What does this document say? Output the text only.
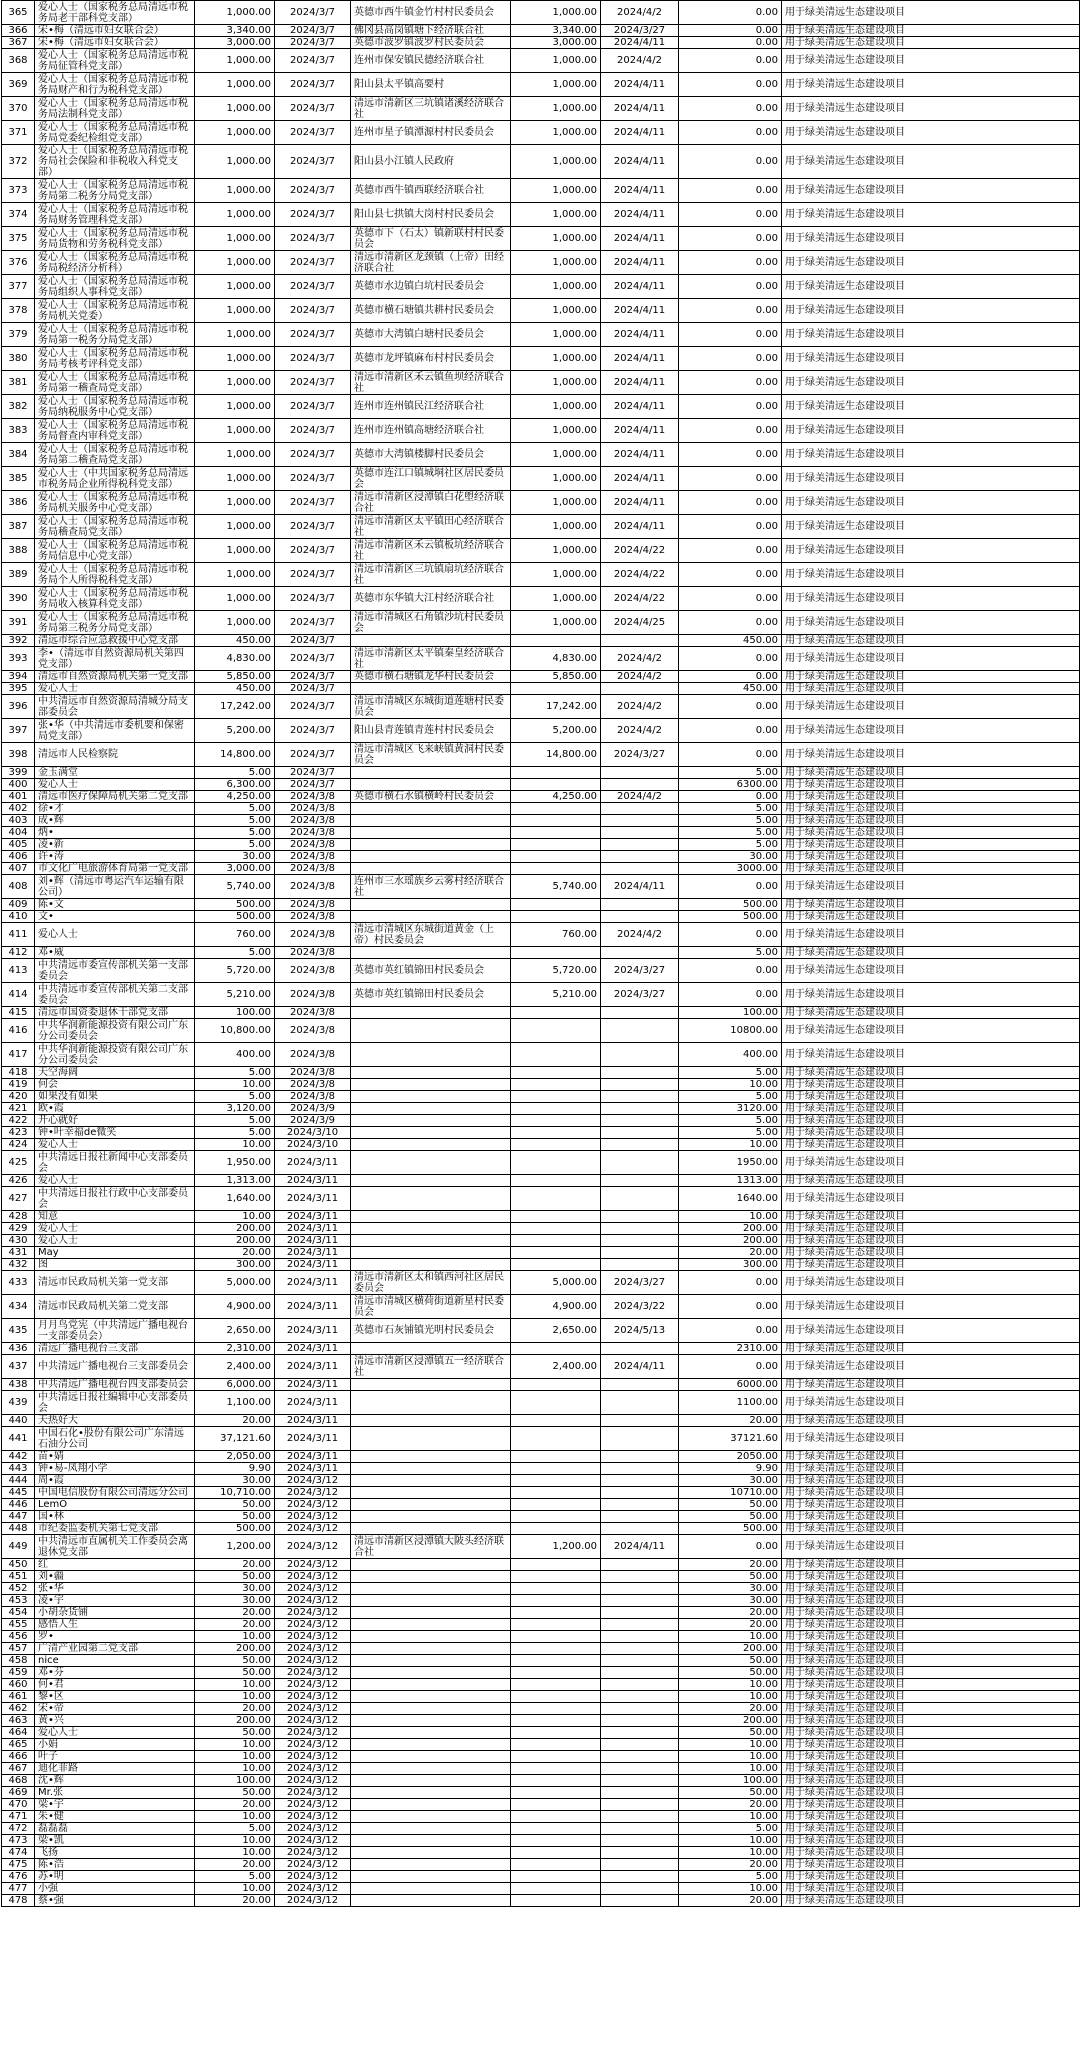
365	爱心人士（国家税务总局清远市税务局老干部科党支部）	1,000.00	2024/3/7	英德市西牛镇金竹村村民委员会	1,000.00	2024/4/2	0.00	用于绿美清远生态建设项目
366	宋•梅（清远市妇女联合会）	3,340.00	2024/3/7	佛冈县高岗镇塘下经济联合社	3,340.00	2024/3/27	0.00	用于绿美清远生态建设项目
367	宋•梅（清远市妇女联合会）	3,000.00	2024/3/7	英德市波罗镇波罗村民委员会	3,000.00	2024/4/11	0.00	用于绿美清远生态建设项目
368	爱心人士（国家税务总局清远市税务局征管科党支部）	1,000.00	2024/3/7	连州市保安镇民德经济联合社	1,000.00	2024/4/2	0.00	用于绿美清远生态建设项目
369	爱心人士（国家税务总局清远市税务局财产和行为税科党支部）	1,000.00	2024/3/7	阳山县太平镇高要村	1,000.00	2024/4/11	0.00	用于绿美清远生态建设项目
370	爱心人士（国家税务总局清远市税务局法制科党支部）	1,000.00	2024/3/7	清远市清新区三坑镇诸溪经济联合社	1,000.00	2024/4/11	0.00	用于绿美清远生态建设项目
371	爱心人士（国家税务总局清远市税务局党委纪检组党支部）	1,000.00	2024/3/7	连州市星子镇潭源村村民委员会	1,000.00	2024/4/11	0.00	用于绿美清远生态建设项目
372	爱心人士（国家税务总局清远市税务局社会保险和非税收入科党支部）	1,000.00	2024/3/7	阳山县小江镇人民政府	1,000.00	2024/4/11	0.00	用于绿美清远生态建设项目
373	爱心人士（国家税务总局清远市税务局第二税务分局党支部）	1,000.00	2024/3/7	英德市西牛镇西联经济联合社	1,000.00	2024/4/11	0.00	用于绿美清远生态建设项目
374	爱心人士（国家税务总局清远市税务局财务管理科党支部）	1,000.00	2024/3/7	阳山县七拱镇大岗村村民委员会	1,000.00	2024/4/11	0.00	用于绿美清远生态建设项目
375	爱心人士（国家税务总局清远市税务局货物和劳务税科党支部）	1,000.00	2024/3/7	英德市下（石太）镇新联村村民委员会	1,000.00	2024/4/11	0.00	用于绿美清远生态建设项目
376	爱心人士（国家税务总局清远市税务局税经济分析科）	1,000.00	2024/3/7	清远市清新区龙颈镇（上帝）田经济联合社	1,000.00	2024/4/11	0.00	用于绿美清远生态建设项目
377	爱心人士（国家税务总局清远市税务局组织人事科党支部）	1,000.00	2024/3/7	英德市水边镇白坑村民委员会	1,000.00	2024/4/11	0.00	用于绿美清远生态建设项目
378	爱心人士（国家税务总局清远市税务局机关党委）	1,000.00	2024/3/7	英德市横石塘镇共耕村民委员会	1,000.00	2024/4/11	0.00	用于绿美清远生态建设项目
379	爱心人士（国家税务总局清远市税务局第一税务分局党支部）	1,000.00	2024/3/7	英德市大湾镇白塘村民委员会	1,000.00	2024/4/11	0.00	用于绿美清远生态建设项目
380	爱心人士（国家税务总局清远市税务局考核考评科党支部）	1,000.00	2024/3/7	英德市龙坪镇麻布村村民委员会	1,000.00	2024/4/11	0.00	用于绿美清远生态建设项目
381	爱心人士（国家税务总局清远市税务局第一稽查局党支部）	1,000.00	2024/3/7	清远市清新区禾云镇鱼坝经济联合社	1,000.00	2024/4/11	0.00	用于绿美清远生态建设项目
382	爱心人士（国家税务总局清远市税务局纳税服务中心党支部）	1,000.00	2024/3/7	连州市连州镇民江经济联合社	1,000.00	2024/4/11	0.00	用于绿美清远生态建设项目
383	爱心人士（国家税务总局清远市税务局督查内审科党支部）	1,000.00	2024/3/7	连州市连州镇高塘经济联合社	1,000.00	2024/4/11	0.00	用于绿美清远生态建设项目
384	爱心人士（国家税务总局清远市税务局第二稽查局党支部）	1,000.00	2024/3/7	英德市大湾镇楼脚村民委员会	1,000.00	2024/4/11	0.00	用于绿美清远生态建设项目
385	爱心人士（中共国家税务总局清远市税务局企业所得税科党支部）	1,000.00	2024/3/7	英德市连江口镇城垌社区居民委员会	1,000.00	2024/4/11	0.00	用于绿美清远生态建设项目
386	爱心人士（国家税务总局清远市税务局机关服务中心党支部）	1,000.00	2024/3/7	清远市清新区浸潭镇白花塱经济联合社	1,000.00	2024/4/11	0.00	用于绿美清远生态建设项目
387	爱心人士（国家税务总局清远市税务局稽查局党支部）	1,000.00	2024/3/7	清远市清新区太平镇田心经济联合社	1,000.00	2024/4/11	0.00	用于绿美清远生态建设项目
388	爱心人士（国家税务总局清远市税务局信息中心党支部）	1,000.00	2024/3/7	清远市清新区禾云镇板坑经济联合社	1,000.00	2024/4/22	0.00	用于绿美清远生态建设项目
389	爱心人士（国家税务总局清远市税务局个人所得税科党支部）	1,000.00	2024/3/7	清远市清新区三坑镇扇坑经济联合社	1,000.00	2024/4/22	0.00	用于绿美清远生态建设项目
390	爱心人士（国家税务总局清远市税务局收入核算科党支部）	1,000.00	2024/3/7	英德市东华镇大江村经济联合社	1,000.00	2024/4/22	0.00	用于绿美清远生态建设项目
391	爱心人士（国家税务总局清远市税务局第三税务分局党支部）	1,000.00	2024/3/7	清远市清城区石角镇沙坑村民委员会	1,000.00	2024/4/25	0.00	用于绿美清远生态建设项目
392	清远市综合应急救援中心党支部	450.00	2024/3/7				450.00	用于绿美清远生态建设项目
393	李•（清远市自然资源局机关第四党支部）	4,830.00	2024/3/7	清远市清新区太平镇秦皇经济联合社	4,830.00	2024/4/2	0.00	用于绿美清远生态建设项目
394	清远市自然资源局机关第一党支部	5,850.00	2024/3/7	英德市横石塘镇龙华村民委员会	5,850.00	2024/4/2	0.00	用于绿美清远生态建设项目
395	爱心人士	450.00	2024/3/7				450.00	用于绿美清远生态建设项目
396	中共清远市自然资源局清城分局支部委员会	17,242.00	2024/3/7	清远市清城区东城街道莲塘村民委员会	17,242.00	2024/4/2	0.00	用于绿美清远生态建设项目
397	张•华（中共清远市委机要和保密局党支部）	5,200.00	2024/3/7	阳山县青莲镇青莲村村民委员会	5,200.00	2024/4/2	0.00	用于绿美清远生态建设项目
398	清远市人民检察院	14,800.00	2024/3/7	清远市清城区飞来峡镇黄洞村民委员会	14,800.00	2024/3/27	0.00	用于绿美清远生态建设项目
399	金玉满堂	5.00	2024/3/7				5.00	用于绿美清远生态建设项目
400	爱心人士	6,300.00	2024/3/7				6300.00	用于绿美清远生态建设项目
401	清远市医疗保障局机关第二党支部	4,250.00	2024/3/8	英德市横石水镇横岭村民委员会	4,250.00	2024/4/2	0.00	用于绿美清远生态建设项目
402	徐•才	5.00	2024/3/8				5.00	用于绿美清远生态建设项目
403	成•辉	5.00	2024/3/8				5.00	用于绿美清远生态建设项目
404	炳•	5.00	2024/3/8				5.00	用于绿美清远生态建设项目
405	凌•新	5.00	2024/3/8				5.00	用于绿美清远生态建设项目
406	许•涛	30.00	2024/3/8				30.00	用于绿美清远生态建设项目
407	市文化广电旅游体育局第一党支部	3,000.00	2024/3/8				3000.00	用于绿美清远生态建设项目
408	刘•辉（清远市粤运汽车运输有限公司）	5,740.00	2024/3/8	连州市三水瑶族乡云雾村经济联合社	5,740.00	2024/4/11	0.00	用于绿美清远生态建设项目
409	陈•文	500.00	2024/3/8				500.00	用于绿美清远生态建设项目
410	文•	500.00	2024/3/8				500.00	用于绿美清远生态建设项目
411	爱心人士	760.00	2024/3/8	清远市清城区东城街道黄金（上帝）村民委员会	760.00	2024/4/2	0.00	用于绿美清远生态建设项目
412	邓•威	5.00	2024/3/8				5.00	用于绿美清远生态建设项目
413	中共清远市委宣传部机关第一支部委员会	5,720.00	2024/3/8	英德市英红镇锦田村民委员会	5,720.00	2024/3/27	0.00	用于绿美清远生态建设项目
414	中共清远市委宣传部机关第二支部委员会	5,210.00	2024/3/8	英德市英红镇锦田村民委员会	5,210.00	2024/3/27	0.00	用于绿美清远生态建设项目
415	清远市国资委退休干部党支部	100.00	2024/3/8				100.00	用于绿美清远生态建设项目
416	中共华润新能源投资有限公司广东分公司委员会	10,800.00	2024/3/8				10800.00	用于绿美清远生态建设项目
417	中共华润新能源投资有限公司广东分公司委员会	400.00	2024/3/8				400.00	用于绿美清远生态建设项目
418	天空海阔	5.00	2024/3/8				5.00	用于绿美清远生态建设项目
419	何会	10.00	2024/3/8				10.00	用于绿美清远生态建设项目
420	如果没有如果	5.00	2024/3/8				5.00	用于绿美清远生态建设项目
421	欧•霞	3,120.00	2024/3/9				3120.00	用于绿美清远生态建设项目
422	开心就好	5.00	2024/3/9				5.00	用于绿美清远生态建设项目
423	钟•叶幸福de微笑	5.00	2024/3/10				5.00	用于绿美清远生态建设项目
424	爱心人士	10.00	2024/3/10				10.00	用于绿美清远生态建设项目
425	中共清远日报社新闻中心支部委员会	1,950.00	2024/3/11				1950.00	用于绿美清远生态建设项目
426	爱心人士	1,313.00	2024/3/11				1313.00	用于绿美清远生态建设项目
427	中共清远日报社行政中心支部委员会	1,640.00	2024/3/11				1640.00	用于绿美清远生态建设项目
428	知意	10.00	2024/3/11				10.00	用于绿美清远生态建设项目
429	爱心人士	200.00	2024/3/11				200.00	用于绿美清远生态建设项目
430	爱心人士	200.00	2024/3/11				200.00	用于绿美清远生态建设项目
431	May	20.00	2024/3/11				20.00	用于绿美清远生态建设项目
432	图	300.00	2024/3/11				300.00	用于绿美清远生态建设项目
433	清远市民政局机关第一党支部	5,000.00	2024/3/11	清远市清新区太和镇西河社区居民委员会	5,000.00	2024/3/27	0.00	用于绿美清远生态建设项目
434	清远市民政局机关第二党支部	4,900.00	2024/3/11	清远市清城区横荷街道新星村民委员会	4,900.00	2024/3/22	0.00	用于绿美清远生态建设项目
435	月月鸟党宪（中共清远广播电视台一支部委员会）	2,650.00	2024/3/11	英德市石灰铺镇光明村民委员会	2,650.00	2024/5/13	0.00	用于绿美清远生态建设项目
436	清远广播电视台三支部	2,310.00	2024/3/11				2310.00	用于绿美清远生态建设项目
437	中共清远广播电视台三支部委员会	2,400.00	2024/3/11	清远市清新区浸潭镇五一经济联合社	2,400.00	2024/4/11	0.00	用于绿美清远生态建设项目
438	中共清远广播电视台四支部委员会	6,000.00	2024/3/11				6000.00	用于绿美清远生态建设项目
439	中共清远日报社编辑中心支部委员会	1,100.00	2024/3/11				1100.00	用于绿美清远生态建设项目
440	天热好大	20.00	2024/3/11				20.00	用于绿美清远生态建设项目
441	中国石化•股份有限公司广东清远石油分公司	37,121.60	2024/3/11				37121.60	用于绿美清远生态建设项目
442	苗•婧	2,050.00	2024/3/11				2050.00	用于绿美清远生态建设项目
443	钟•易-凤翔小学	9.90	2024/3/11				9.90	用于绿美清远生态建设项目
444	周•霞	30.00	2024/3/12				30.00	用于绿美清远生态建设项目
445	中国电信股份有限公司清远分公司	10,710.00	2024/3/12				10710.00	用于绿美清远生态建设项目
446	LemO	50.00	2024/3/12				50.00	用于绿美清远生态建设项目
447	国•林	50.00	2024/3/12				50.00	用于绿美清远生态建设项目
448	市纪委监委机关第七党支部	500.00	2024/3/12				500.00	用于绿美清远生态建设项目
449	中共清远市直属机关工作委员会离退休党支部	1,200.00	2024/3/12	清远市清新区浸潭镇大陂头经济联合社	1,200.00	2024/4/11	0.00	用于绿美清远生态建设项目
450	红	20.00	2024/3/12				20.00	用于绿美清远生态建设项目
451	刘•疆	50.00	2024/3/12				50.00	用于绿美清远生态建设项目
452	张•华	30.00	2024/3/12				30.00	用于绿美清远生态建设项目
453	凌•宇	30.00	2024/3/12				30.00	用于绿美清远生态建设项目
454	小胡杂货铺	20.00	2024/3/12				20.00	用于绿美清远生态建设项目
455	感悟人生	20.00	2024/3/12				20.00	用于绿美清远生态建设项目
456	罗•	10.00	2024/3/12				10.00	用于绿美清远生态建设项目
457	广清产业园第二党支部	200.00	2024/3/12				200.00	用于绿美清远生态建设项目
458	nice	50.00	2024/3/12				50.00	用于绿美清远生态建设项目
459	邓•芬	50.00	2024/3/12				50.00	用于绿美清远生态建设项目
460	何•君	10.00	2024/3/12				10.00	用于绿美清远生态建设项目
461	黎•区	10.00	2024/3/12				10.00	用于绿美清远生态建设项目
462	宋•帝	20.00	2024/3/12				20.00	用于绿美清远生态建设项目
463	黄•兴	200.00	2024/3/12				200.00	用于绿美清远生态建设项目
464	爱心人士	50.00	2024/3/12				50.00	用于绿美清远生态建设项目
465	小娟	10.00	2024/3/12				10.00	用于绿美清远生态建设项目
466	叶子	10.00	2024/3/12				10.00	用于绿美清远生态建设项目
467	迪化菲路	10.00	2024/3/12				10.00	用于绿美清远生态建设项目
468	沈•辉	100.00	2024/3/12				100.00	用于绿美清远生态建设项目
469	Mr.张	50.00	2024/3/12				50.00	用于绿美清远生态建设项目
470	梁•宇	20.00	2024/3/12				20.00	用于绿美清远生态建设项目
471	朱•健	10.00	2024/3/12				10.00	用于绿美清远生态建设项目
472	磊磊磊	5.00	2024/3/12				5.00	用于绿美清远生态建设项目
473	梁•凯	10.00	2024/3/12				10.00	用于绿美清远生态建设项目
474	飞扬	10.00	2024/3/12				10.00	用于绿美清远生态建设项目
475	陈•浩	20.00	2024/3/12				20.00	用于绿美清远生态建设项目
476	苏•明	5.00	2024/3/12				5.00	用于绿美清远生态建设项目
477	小强	10.00	2024/3/12				10.00	用于绿美清远生态建设项目
478	蔡•强	20.00	2024/3/12				20.00	用于绿美清远生态建设项目
